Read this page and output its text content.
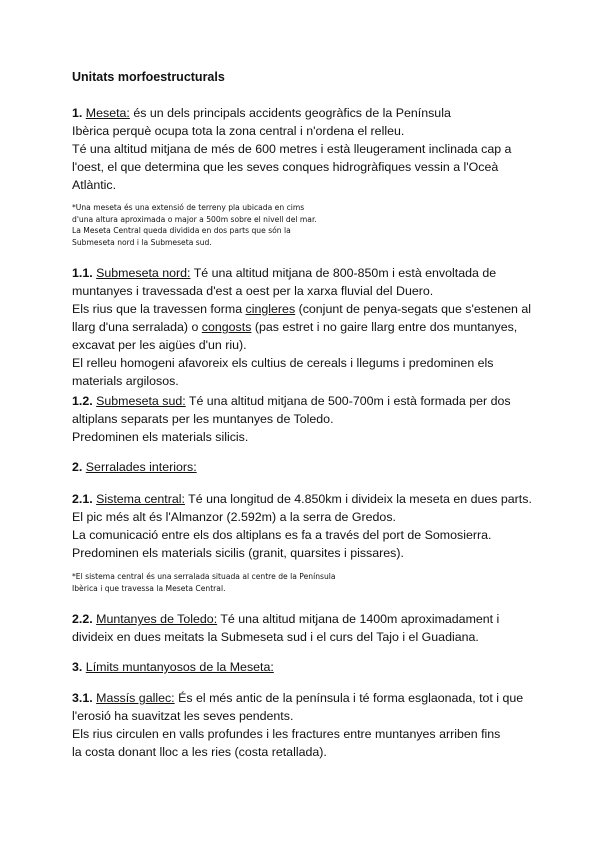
Unitats morfoestructurals
1. Meseta: és un dels principals accidents geogràfics de la Península
Ibèrica perquè ocupa tota la zona central i n'ordena el relleu.
Té una altitud mitjana de més de 600 metres i està lleugerament inclinada cap a
l'oest, el que determina que les seves conques hidrogràfiques vessin a l'Oceà
Atlàntic.
*Una meseta és una extensió de terreny pla ubicada en cims
d'una altura aproximada o major a 500m sobre el nivell del mar.
La Meseta Central queda dividida en dos parts que són la
Submeseta nord i la Submeseta sud.
1.1. Submeseta nord: Té una altitud mitjana de 800-850m i està envoltada de
muntanyes i travessada d'est a oest per la xarxa fluvial del Duero.
Els rius que la travessen forma cingleres (conjunt de penya-segats que s'estenen al
llarg d'una serralada) o congosts (pas estret i no gaire llarg entre dos muntanyes,
excavat per les aigües d'un riu).
El relleu homogeni afavoreix els cultius de cereals i llegums i predominen els
materials argilosos.
1.2. Submeseta sud: Té una altitud mitjana de 500-700m i està formada per dos
altiplans separats per les muntanyes de Toledo.
Predominen els materials silicis.
2. Serralades interiors:
2.1. Sistema central: Té una longitud de 4.850km i divideix la meseta en dues parts.
El pic més alt és l'Almanzor (2.592m) a la serra de Gredos.
La comunicació entre els dos altiplans es fa a través del port de Somosierra.
Predominen els materials sicilis (granit, quarsites i pissares).
*El sistema central és una serralada situada al centre de la Península
Ibèrica i que travessa la Meseta Central.
2.2. Muntanyes de Toledo: Té una altitud mitjana de 1400m aproximadament i
divideix en dues meitats la Submeseta sud i el curs del Tajo i el Guadiana.
3. Límits muntanyosos de la Meseta:
3.1. Massís gallec: És el més antic de la península i té forma esglaonada, tot i que
l'erosió ha suavitzat les seves pendents.
Els rius circulen en valls profundes i les fractures entre muntanyes arriben fins
la costa donant lloc a les ries (costa retallada).
